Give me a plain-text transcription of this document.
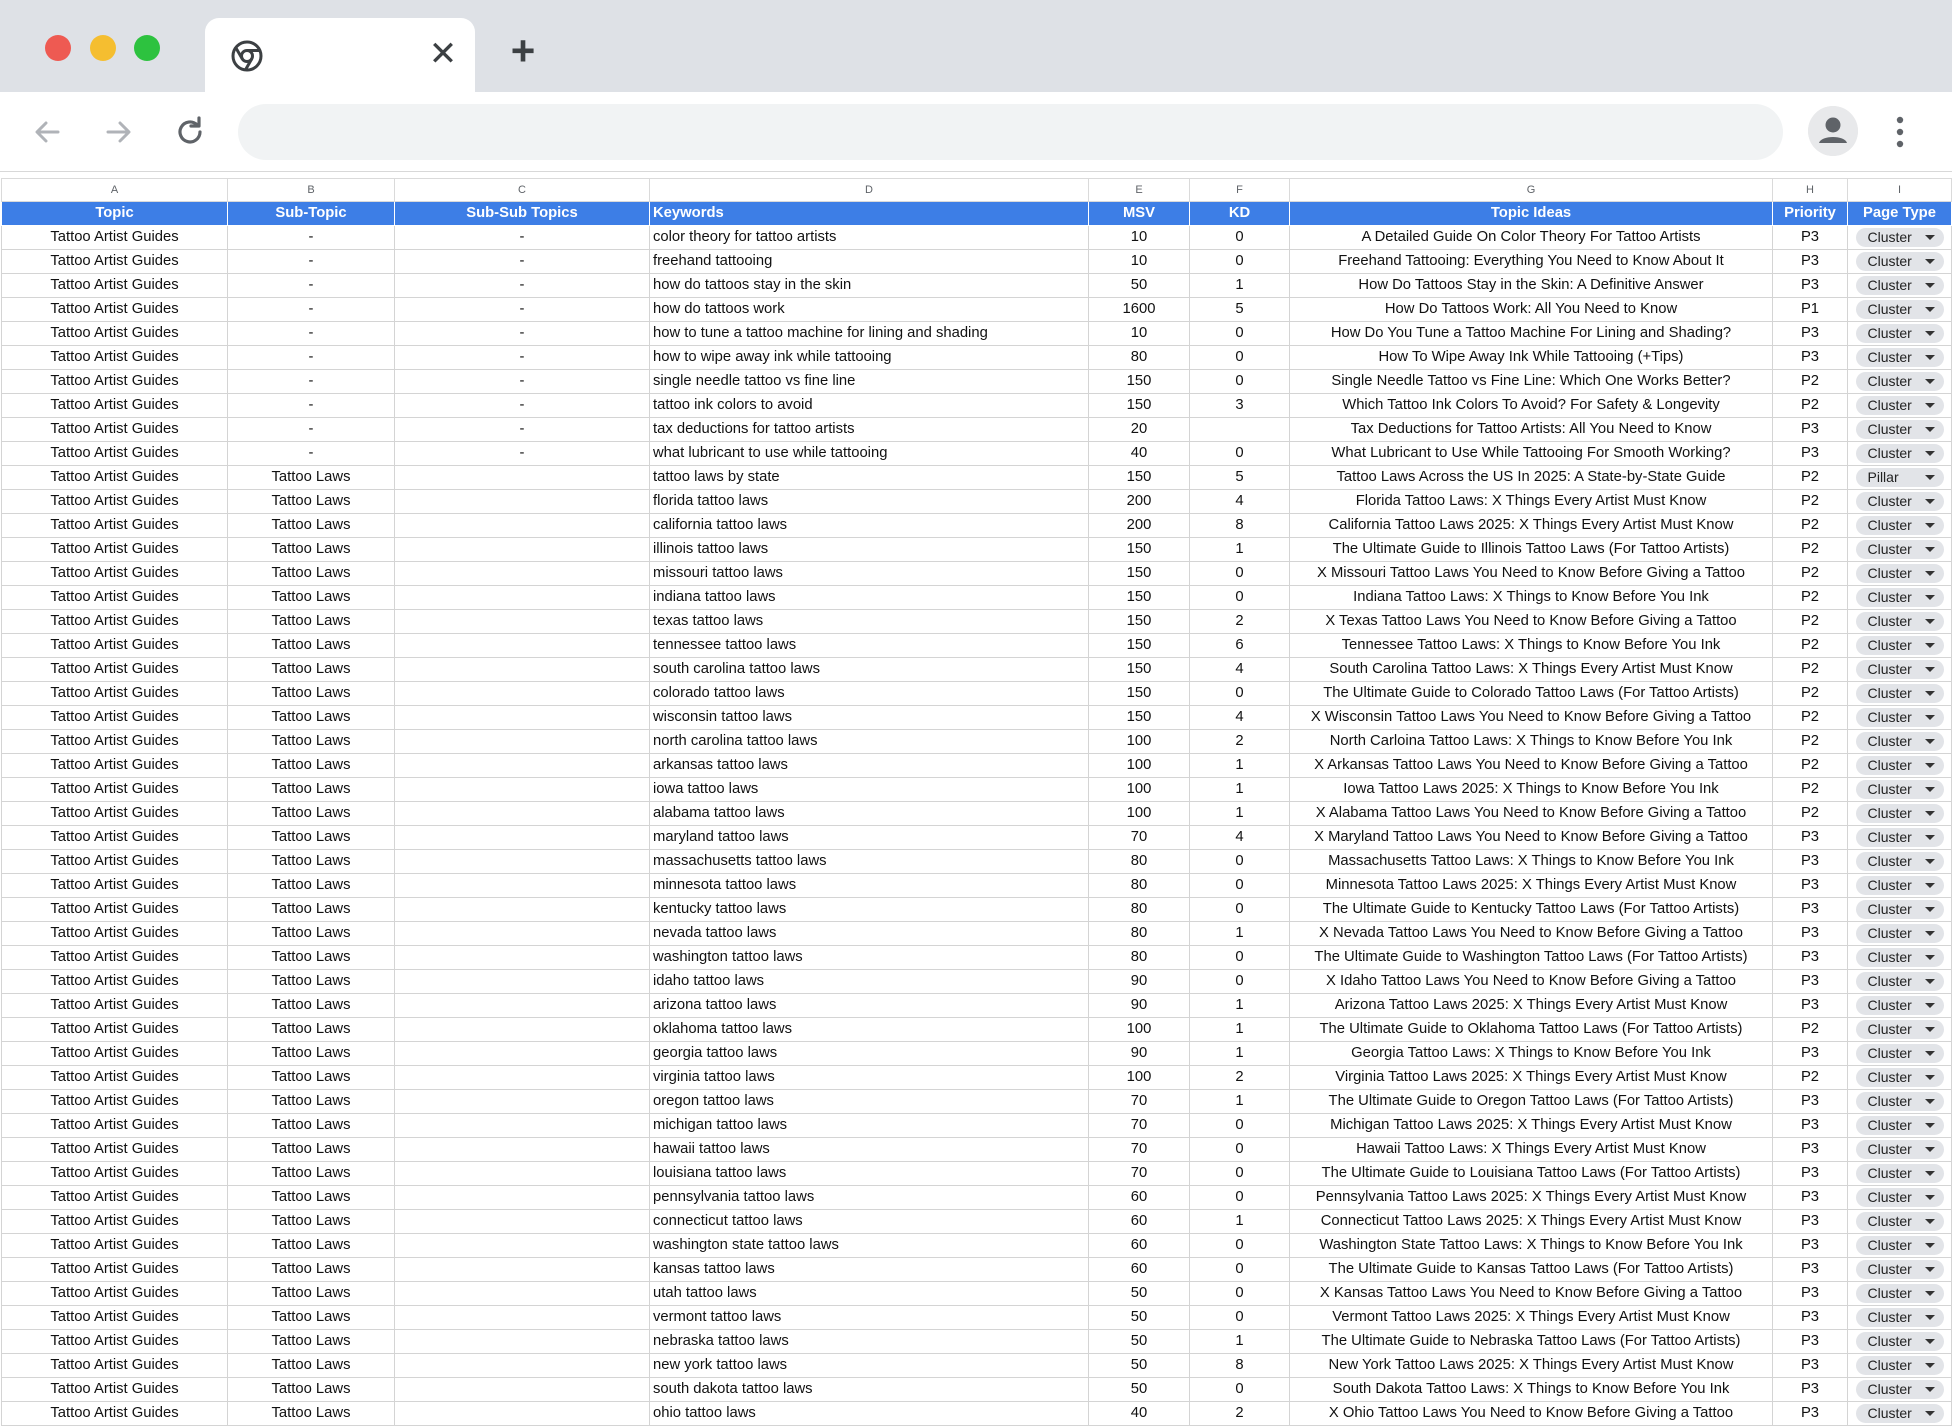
✕ +
A	B	C	D	E	F	G	H	I
Topic	Sub-Topic	Sub-Sub Topics	Keywords	MSV	KD	Topic Ideas	Priority	Page Type
Tattoo Artist Guides	-	-	color theory for tattoo artists	10	0	A Detailed Guide On Color Theory For Tattoo Artists	P3	Cluster
Tattoo Artist Guides	-	-	freehand tattooing	10	0	Freehand Tattooing: Everything You Need to Know About It	P3	Cluster
Tattoo Artist Guides	-	-	how do tattoos stay in the skin	50	1	How Do Tattoos Stay in the Skin: A Definitive Answer	P3	Cluster
Tattoo Artist Guides	-	-	how do tattoos work	1600	5	How Do Tattoos Work: All You Need to Know	P1	Cluster
Tattoo Artist Guides	-	-	how to tune a tattoo machine for lining and shading	10	0	How Do You Tune a Tattoo Machine For Lining and Shading?	P3	Cluster
Tattoo Artist Guides	-	-	how to wipe away ink while tattooing	80	0	How To Wipe Away Ink While Tattooing (+Tips)	P3	Cluster
Tattoo Artist Guides	-	-	single needle tattoo vs fine line	150	0	Single Needle Tattoo vs Fine Line: Which One Works Better?	P2	Cluster
Tattoo Artist Guides	-	-	tattoo ink colors to avoid	150	3	Which Tattoo Ink Colors To Avoid? For Safety & Longevity	P2	Cluster
Tattoo Artist Guides	-	-	tax deductions for tattoo artists	20		Tax Deductions for Tattoo Artists: All You Need to Know	P3	Cluster
Tattoo Artist Guides	-	-	what lubricant to use while tattooing	40	0	What Lubricant to Use While Tattooing For Smooth Working?	P3	Cluster
Tattoo Artist Guides	Tattoo Laws		tattoo laws by state	150	5	Tattoo Laws Across the US In 2025: A State-by-State Guide	P2	Pillar
Tattoo Artist Guides	Tattoo Laws		florida tattoo laws	200	4	Florida Tattoo Laws: X Things Every Artist Must Know	P2	Cluster
Tattoo Artist Guides	Tattoo Laws		california tattoo laws	200	8	California Tattoo Laws 2025: X Things Every Artist Must Know	P2	Cluster
Tattoo Artist Guides	Tattoo Laws		illinois tattoo laws	150	1	The Ultimate Guide to Illinois Tattoo Laws (For Tattoo Artists)	P2	Cluster
Tattoo Artist Guides	Tattoo Laws		missouri tattoo laws	150	0	X Missouri Tattoo Laws You Need to Know Before Giving a Tattoo	P2	Cluster
Tattoo Artist Guides	Tattoo Laws		indiana tattoo laws	150	0	Indiana Tattoo Laws: X Things to Know Before You Ink	P2	Cluster
Tattoo Artist Guides	Tattoo Laws		texas tattoo laws	150	2	X Texas Tattoo Laws You Need to Know Before Giving a Tattoo	P2	Cluster
Tattoo Artist Guides	Tattoo Laws		tennessee tattoo laws	150	6	Tennessee Tattoo Laws: X Things to Know Before You Ink	P2	Cluster
Tattoo Artist Guides	Tattoo Laws		south carolina tattoo laws	150	4	South Carolina Tattoo Laws: X Things Every Artist Must Know	P2	Cluster
Tattoo Artist Guides	Tattoo Laws		colorado tattoo laws	150	0	The Ultimate Guide to Colorado Tattoo Laws (For Tattoo Artists)	P2	Cluster
Tattoo Artist Guides	Tattoo Laws		wisconsin tattoo laws	150	4	X Wisconsin Tattoo Laws You Need to Know Before Giving a Tattoo	P2	Cluster
Tattoo Artist Guides	Tattoo Laws		north carolina tattoo laws	100	2	North Carloina Tattoo Laws: X Things to Know Before You Ink	P2	Cluster
Tattoo Artist Guides	Tattoo Laws		arkansas tattoo laws	100	1	X Arkansas Tattoo Laws You Need to Know Before Giving a Tattoo	P2	Cluster
Tattoo Artist Guides	Tattoo Laws		iowa tattoo laws	100	1	Iowa Tattoo Laws 2025: X Things to Know Before You Ink	P2	Cluster
Tattoo Artist Guides	Tattoo Laws		alabama tattoo laws	100	1	X Alabama Tattoo Laws You Need to Know Before Giving a Tattoo	P2	Cluster
Tattoo Artist Guides	Tattoo Laws		maryland tattoo laws	70	4	X Maryland Tattoo Laws You Need to Know Before Giving a Tattoo	P3	Cluster
Tattoo Artist Guides	Tattoo Laws		massachusetts tattoo laws	80	0	Massachusetts Tattoo Laws: X Things to Know Before You Ink	P3	Cluster
Tattoo Artist Guides	Tattoo Laws		minnesota tattoo laws	80	0	Minnesota Tattoo Laws 2025: X Things Every Artist Must Know	P3	Cluster
Tattoo Artist Guides	Tattoo Laws		kentucky tattoo laws	80	0	The Ultimate Guide to Kentucky Tattoo Laws (For Tattoo Artists)	P3	Cluster
Tattoo Artist Guides	Tattoo Laws		nevada tattoo laws	80	1	X Nevada Tattoo Laws You Need to Know Before Giving a Tattoo	P3	Cluster
Tattoo Artist Guides	Tattoo Laws		washington tattoo laws	80	0	The Ultimate Guide to Washington Tattoo Laws (For Tattoo Artists)	P3	Cluster
Tattoo Artist Guides	Tattoo Laws		idaho tattoo laws	90	0	X Idaho Tattoo Laws You Need to Know Before Giving a Tattoo	P3	Cluster
Tattoo Artist Guides	Tattoo Laws		arizona tattoo laws	90	1	Arizona Tattoo Laws 2025: X Things Every Artist Must Know	P3	Cluster
Tattoo Artist Guides	Tattoo Laws		oklahoma tattoo laws	100	1	The Ultimate Guide to Oklahoma Tattoo Laws (For Tattoo Artists)	P2	Cluster
Tattoo Artist Guides	Tattoo Laws		georgia tattoo laws	90	1	Georgia Tattoo Laws: X Things to Know Before You Ink	P3	Cluster
Tattoo Artist Guides	Tattoo Laws		virginia tattoo laws	100	2	Virginia Tattoo Laws 2025: X Things Every Artist Must Know	P2	Cluster
Tattoo Artist Guides	Tattoo Laws		oregon tattoo laws	70	1	The Ultimate Guide to Oregon Tattoo Laws (For Tattoo Artists)	P3	Cluster
Tattoo Artist Guides	Tattoo Laws		michigan tattoo laws	70	0	Michigan Tattoo Laws 2025: X Things Every Artist Must Know	P3	Cluster
Tattoo Artist Guides	Tattoo Laws		hawaii tattoo laws	70	0	Hawaii Tattoo Laws: X Things Every Artist Must Know	P3	Cluster
Tattoo Artist Guides	Tattoo Laws		louisiana tattoo laws	70	0	The Ultimate Guide to Louisiana Tattoo Laws (For Tattoo Artists)	P3	Cluster
Tattoo Artist Guides	Tattoo Laws		pennsylvania tattoo laws	60	0	Pennsylvania Tattoo Laws 2025: X Things Every Artist Must Know	P3	Cluster
Tattoo Artist Guides	Tattoo Laws		connecticut tattoo laws	60	1	Connecticut Tattoo Laws 2025: X Things Every Artist Must Know	P3	Cluster
Tattoo Artist Guides	Tattoo Laws		washington state tattoo laws	60	0	Washington State Tattoo Laws: X Things to Know Before You Ink	P3	Cluster
Tattoo Artist Guides	Tattoo Laws		kansas tattoo laws	60	0	The Ultimate Guide to Kansas Tattoo Laws (For Tattoo Artists)	P3	Cluster
Tattoo Artist Guides	Tattoo Laws		utah tattoo laws	50	0	X Kansas Tattoo Laws You Need to Know Before Giving a Tattoo	P3	Cluster
Tattoo Artist Guides	Tattoo Laws		vermont tattoo laws	50	0	Vermont Tattoo Laws 2025: X Things Every Artist Must Know	P3	Cluster
Tattoo Artist Guides	Tattoo Laws		nebraska tattoo laws	50	1	The Ultimate Guide to Nebraska Tattoo Laws (For Tattoo Artists)	P3	Cluster
Tattoo Artist Guides	Tattoo Laws		new york tattoo laws	50	8	New York Tattoo Laws 2025: X Things Every Artist Must Know	P3	Cluster
Tattoo Artist Guides	Tattoo Laws		south dakota tattoo laws	50	0	South Dakota Tattoo Laws: X Things to Know Before You Ink	P3	Cluster
Tattoo Artist Guides	Tattoo Laws		ohio tattoo laws	40	2	X Ohio Tattoo Laws You Need to Know Before Giving a Tattoo	P3	Cluster
